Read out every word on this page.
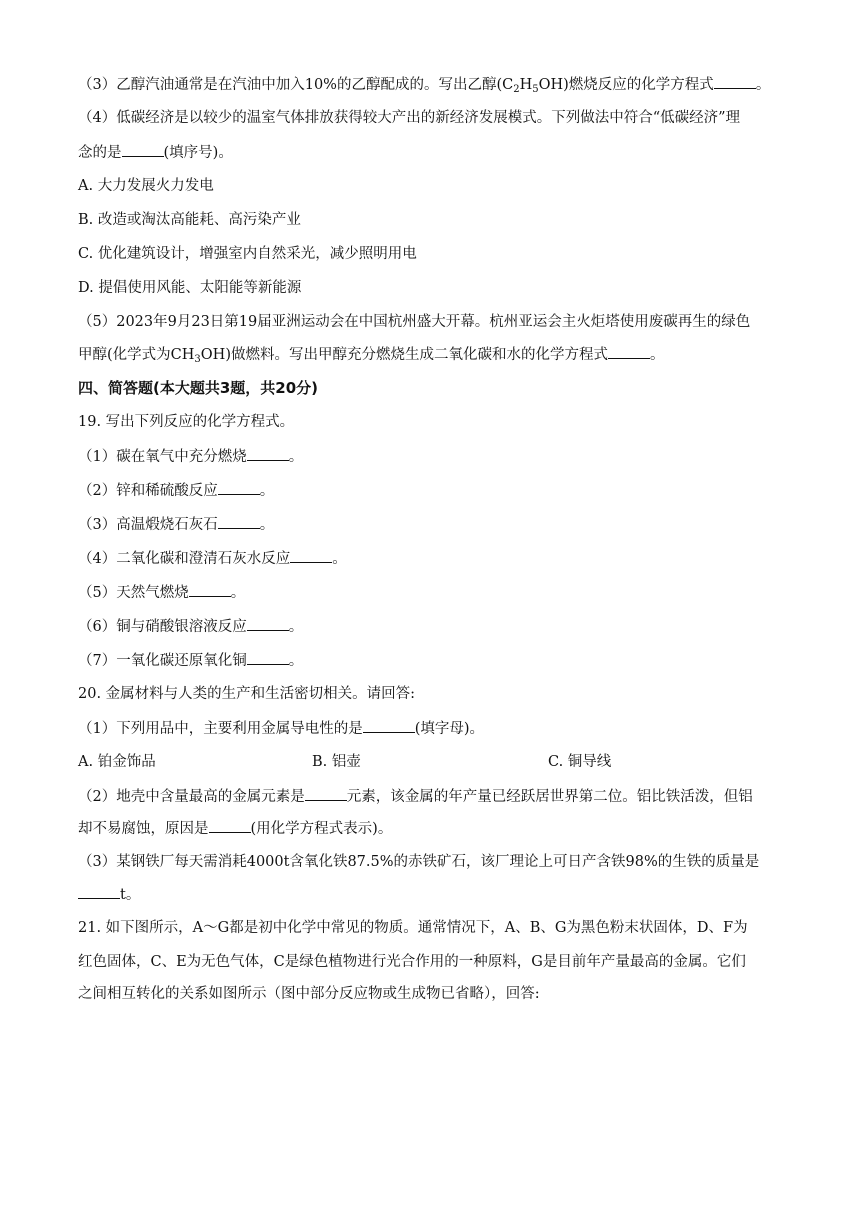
（3）乙醇汽油通常是在汽油中加入10%的乙醇配成的。写出乙醇$(C_2H_5OH)$燃烧反应的化学方程式	。
（4）低碳经济是以较少的温室气体排放获得较大产出的新经济发展模式。下列做法中符合“低碳经济”理
念的是	(填序号)。
A. 大力发展火力发电
B. 改造或淘汰高能耗、高污染产业
C. 优化建筑设计，增强室内自然采光，减少照明用电
D. 提倡使用风能、太阳能等新能源
（5）2023年9月23日第19届亚洲运动会在中国杭州盛大开幕。杭州亚运会主火炬塔使用废碳再生的绿色
甲醇(化学式为$CH_3OH$)做燃料。写出甲醇充分燃烧生成二氧化碳和水的化学方程式	。
四、简答题(本大题共3题，共20分)
19. 写出下列反应的化学方程式。
（1）碳在氧气中充分燃烧	。
（2）锌和稀硫酸反应	。
（3）高温煅烧石灰石	。
（4）二氧化碳和澄清石灰水反应	。
（5）天然气燃烧	。
（6）铜与硝酸银溶液反应	。
（7）一氧化碳还原氧化铜	。
20. 金属材料与人类的生产和生活密切相关。请回答:
（1）下列用品中，主要利用金属导电性的是	(填字母)。
A. 铂金饰品	B. 铝壶	C. 铜导线
（2）地壳中含量最高的金属元素是	元素，该金属的年产量已经跃居世界第二位。铝比铁活泼，但铝
却不易腐蚀，原因是	(用化学方程式表示)。
（3）某钢铁厂每天需消耗4000t含氧化铁87.5%的赤铁矿石，该厂理论上可日产含铁98%的生铁的质量是
t。
21. 如下图所示，A～G都是初中化学中常见的物质。通常情况下，A、B、G为黑色粉末状固体，D、F为
红色固体，C、E为无色气体，C是绿色植物进行光合作用的一种原料，G是目前年产量最高的金属。它们
之间相互转化的关系如图所示（图中部分反应物或生成物已省略），回答:
